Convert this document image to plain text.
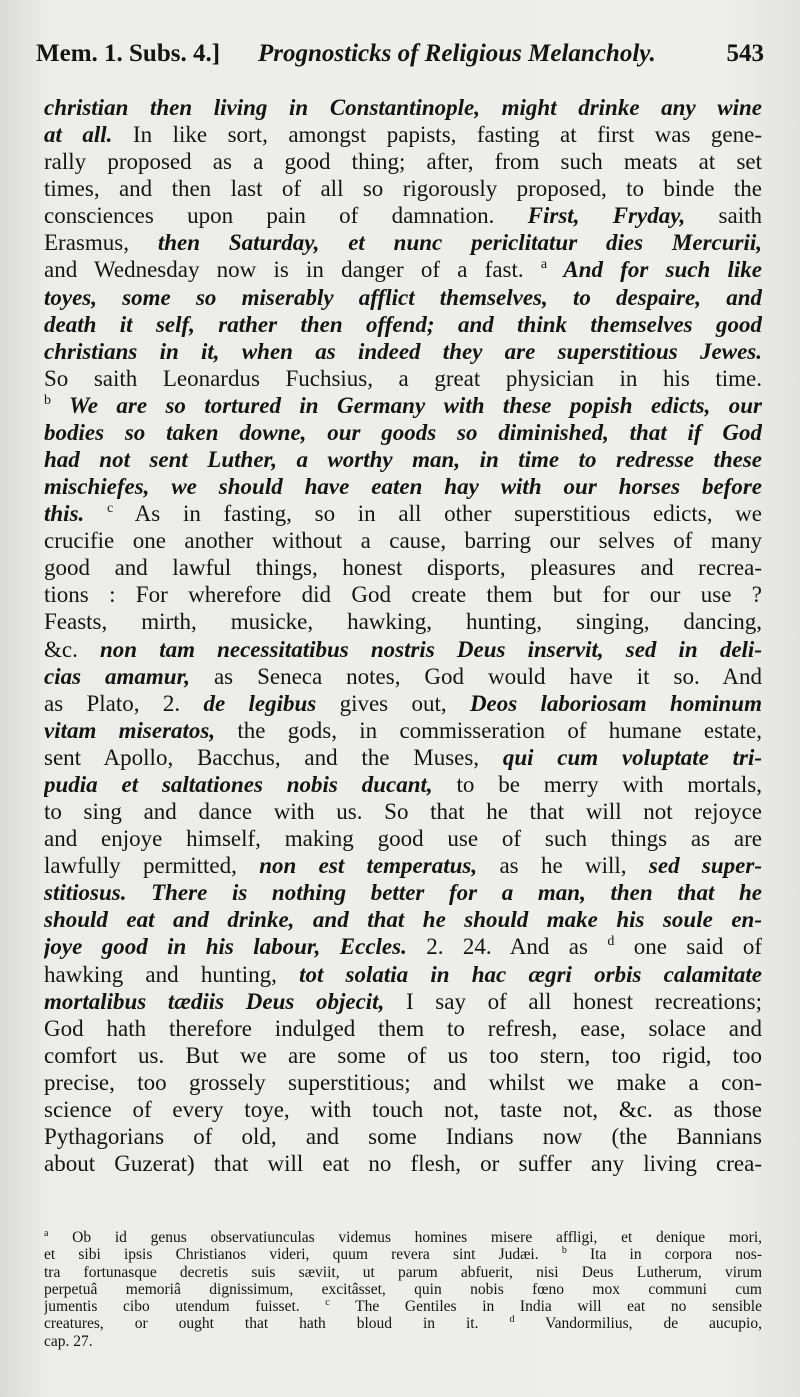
Mem. 1. Subs. 4.] Prognosticks of Religious Melancholy.	543
christian then living in Constantinople, might drinke any wine
at all. In like sort, amongst papists, fasting at first was gene-
rally proposed as a good thing; after, from such meats at set
times, and then last of all so rigorously proposed, to binde the
consciences upon pain of damnation. First, Fryday, saith
Erasmus, then Saturday, et nunc periclitatur dies Mercurii,
and Wednesday now is in danger of a fast. $^a$ And for such like
toyes, some so miserably afflict themselves, to despaire, and
death it self, rather then offend; and think themselves good
christians in it, when as indeed they are superstitious Jewes.
So saith Leonardus Fuchsius, a great physician in his time.
$^b$ We are so tortured in Germany with these popish edicts, our
bodies so taken downe, our goods so diminished, that if God
had not sent Luther, a worthy man, in time to redresse these
mischiefes, we should have eaten hay with our horses before
this. $^c$ As in fasting, so in all other superstitious edicts, we
crucifie one another without a cause, barring our selves of many
good and lawful things, honest disports, pleasures and recrea-
tions : For wherefore did God create them but for our use ?
Feasts, mirth, musicke, hawking, hunting, singing, dancing,
&c. non tam necessitatibus nostris Deus inservit, sed in deli-
cias amamur, as Seneca notes, God would have it so. And
as Plato, 2. de legibus gives out, Deos laboriosam hominum
vitam miseratos, the gods, in commisseration of humane estate,
sent Apollo, Bacchus, and the Muses, qui cum voluptate tri-
pudia et saltationes nobis ducant, to be merry with mortals,
to sing and dance with us. So that he that will not rejoyce
and enjoye himself, making good use of such things as are
lawfully permitted, non est temperatus, as he will, sed super-
stitiosus. There is nothing better for a man, then that he
should eat and drinke, and that he should make his soule en-
joye good in his labour, Eccles. 2. 24. And as $^d$ one said of
hawking and hunting, tot solatia in hac ægri orbis calamitate
mortalibus tædiis Deus objecit, I say of all honest recreations;
God hath therefore indulged them to refresh, ease, solace and
comfort us. But we are some of us too stern, too rigid, too
precise, too grossely superstitious; and whilst we make a con-
science of every toye, with touch not, taste not, &c. as those
Pythagorians of old, and some Indians now (the Bannians
about Guzerat) that will eat no flesh, or suffer any living crea-
$^a$ Ob id genus observatiunculas videmus homines misere affligi, et denique mori,
et sibi ipsis Christianos videri, quum revera sint Judæi. $^b$ Ita in corpora nos-
tra fortunasque decretis suis sæviit, ut parum abfuerit, nisi Deus Lutherum, virum
perpetuâ memoriâ dignissimum, excitâsset, quin nobis fœno mox communi cum
jumentis cibo utendum fuisset. $^c$ The Gentiles in India will eat no sensible
creatures, or ought that hath bloud in it. $^d$ Vandormilius, de aucupio,
cap. 27.
